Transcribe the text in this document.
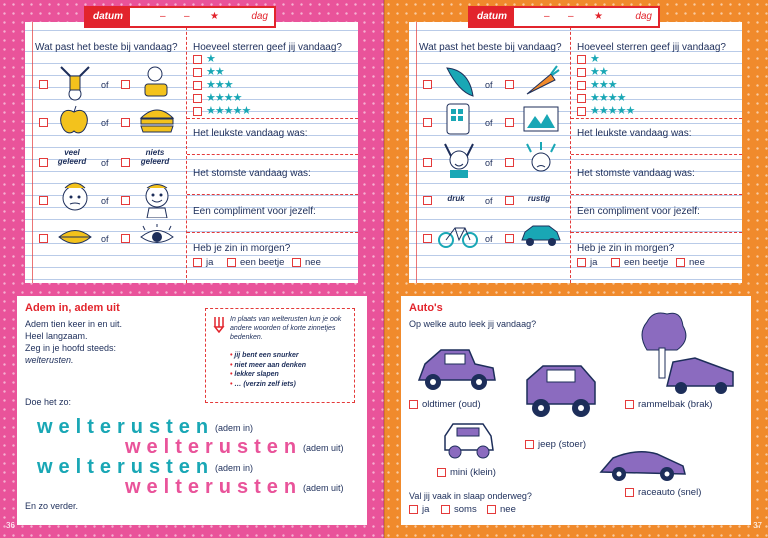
Wat past het beste bij vandaag? Hoeveel sterren geef jij vandaag?
of
of
veel geleerd	of
niets geleerd
of
of
★
★★
★★★
★★★★
★★★★★
Het leukste vandaag was:
Het stomste vandaag was:
Een compliment voor jezelf:
Heb je zin in morgen?
ja	een beetje nee
datum	– – ★	dag
Adem in, adem uit
Adem tien keer in en uit.
Heel langzaam.
Zeg in je hoofd steeds:
welterusten.
In plaats van welterusten kun je ook andere woorden of korte zinnetjes bedenken.
• jij bent een snurker
• niet meer aan denken
• lekker slapen
• … (verzin zelf iets)
Doe het zo:
welterusten (adem in)
welterusten (adem uit)
welterusten (adem in)
welterusten (adem uit)
En zo verder.
36
Wat past het beste bij vandaag? Hoeveel sterren geef jij vandaag?
of
of
of
druk	of	rustig
of
★
★★
★★★
★★★★
★★★★★
Het leukste vandaag was:
Het stomste vandaag was:
Een compliment voor jezelf:
Heb je zin in morgen?
ja	een beetje nee
datum	– – ★	dag
Auto's
Op welke auto leek jij vandaag?
oldtimer (oud)
jeep (stoer)
rammelbak (brak)
mini (klein)
raceauto (snel)
Val jij vaak in slaap onderweg?
ja	soms nee
37
